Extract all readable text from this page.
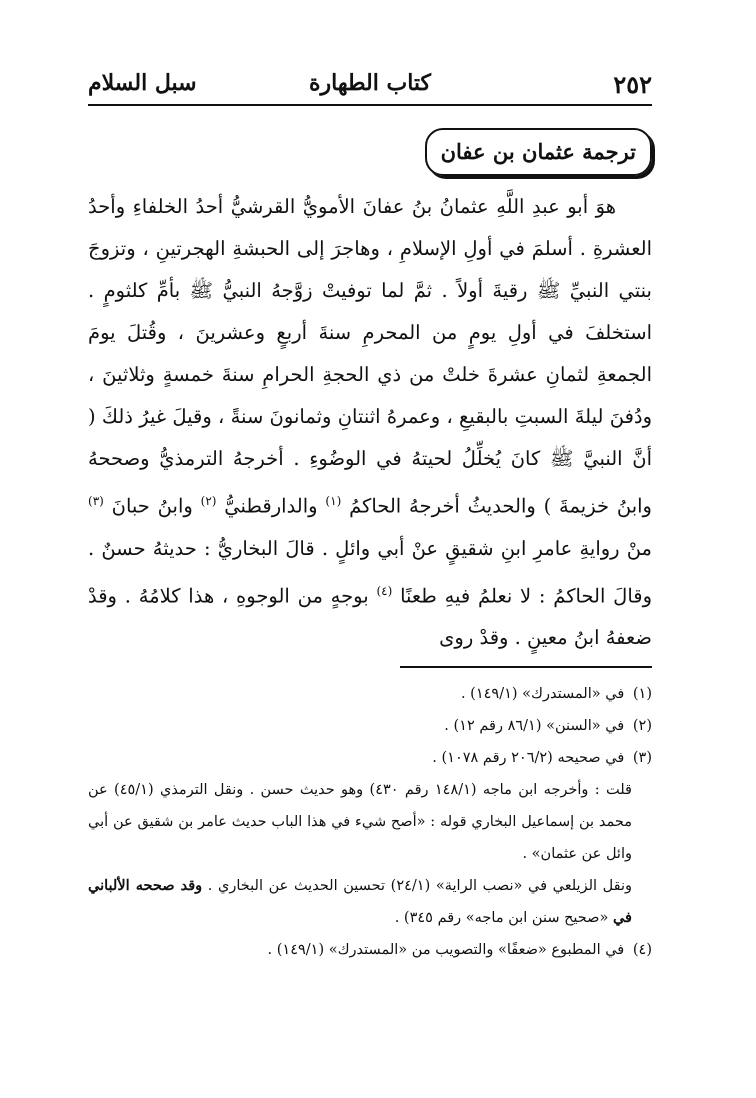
٢٥٢
كتاب الطهارة
سبل السلام
ترجمة عثمان بن عفان

هوَ أبو عبدِ اللَّهِ عثمانُ بنُ عفانَ الأمويُّ القرشيُّ أحدُ الخلفاءِ وأحدُ العشرةِ . أسلمَ في أولِ الإسلامِ ، وهاجرَ إلى الحبشةِ الهجرتينِ ، وتزوجَ بنتي النبيِّ ﷺ رقيةَ أولاً . ثمَّ لما توفيتْ زوَّجهُ النبيُّ ﷺ بأمِّ كلثومٍ . استخلفَ في أولِ يومٍ من المحرمِ سنةَ أربعٍ وعشرينَ ، وقُتلَ يومَ الجمعةِ لثمانِ عشرةَ خلتْ من ذي الحجةِ الحرامِ سنةَ خمسةٍ وثلاثينَ ، ودُفنَ ليلةَ السبتِ بالبقيعِ ، وعمرهُ اثنتانِ وثمانونَ سنةً ، وقيلَ غيرُ ذلكَ ( أنَّ النبيَّ ﷺ كانَ يُخلِّلُ لحيتهُ في الوضُوءِ . أخرجهُ الترمذيُّ وصححهُ وابنُ خزيمةَ ) والحديثُ أخرجهُ الحاكمُ $^{(١)}$ والدارقطنيُّ $^{(٢)}$ وابنُ حبانَ $^{(٣)}$ منْ روايةِ عامرِ ابنِ شقيقٍ عنْ أبي وائلٍ . قالَ البخاريُّ : حديثهُ حسنٌ . وقالَ الحاكمُ : لا نعلمُ فيهِ طعنًا $^{(٤)}$ بوجهٍ من الوجوهِ ، هذا كلامُهُ . وقدْ ضعفهُ ابنُ معينٍ . وقدْ روى

(١) في «المستدرك» (١٤٩/١) .

(٢) في «السنن» (٨٦/١ رقم ١٢) .

(٣) في صحيحه (٢٠٦/٢ رقم ١٠٧٨) .

قلت : وأخرجه ابن ماجه (١٤٨/١ رقم ٤٣٠) وهو حديث حسن . ونقل الترمذي (٤٥/١) عن محمد بن إسماعيل البخاري قوله : «أصح شيء في هذا الباب حديث عامر بن شقيق عن أبي وائل عن عثمان» .

ونقل الزيلعي في «نصب الراية» (٢٤/١) تحسين الحديث عن البخاري . وقد صححه الألباني في «صحيح سنن ابن ماجه» رقم ٣٤٥) .

(٤) في المطبوع «ضعفًا» والتصويب من «المستدرك» (١٤٩/١) .
